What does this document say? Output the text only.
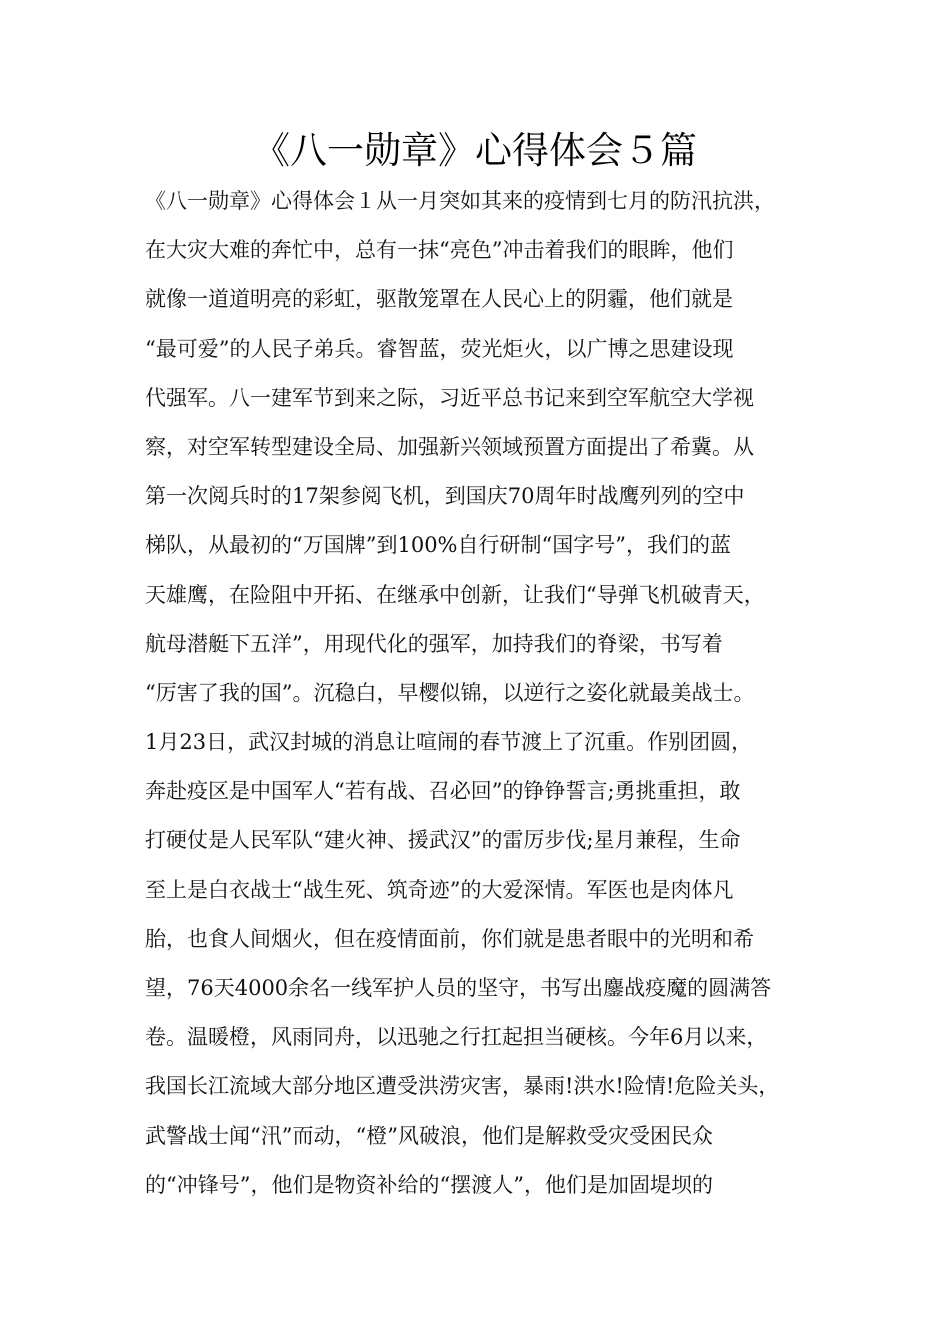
《八一勋章》心得体会５篇
《八一勋章》心得体会１从一月突如其来的疫情到七月的防汛抗洪，
在大灾大难的奔忙中，总有一抹“亮色”冲击着我们的眼眸，他们
就像一道道明亮的彩虹，驱散笼罩在人民心上的阴霾，他们就是
“最可爱”的人民子弟兵。睿智蓝，荧光炬火，以广博之思建设现
代强军。八一建军节到来之际，习近平总书记来到空军航空大学视
察，对空军转型建设全局、加强新兴领域预置方面提出了希冀。从
第一次阅兵时的17架参阅飞机，到国庆70周年时战鹰列列的空中
梯队，从最初的“万国牌”到100%自行研制“国字号”，我们的蓝
天雄鹰，在险阻中开拓、在继承中创新，让我们“导弹飞机破青天，
航母潜艇下五洋”，用现代化的强军，加持我们的脊梁，书写着
“厉害了我的国”。沉稳白，早樱似锦，以逆行之姿化就最美战士。
1月23日，武汉封城的消息让喧闹的春节渡上了沉重。作别团圆，
奔赴疫区是中国军人“若有战、召必回”的铮铮誓言;勇挑重担，敢
打硬仗是人民军队“建火神、援武汉”的雷厉步伐;星月兼程，生命
至上是白衣战士“战生死、筑奇迹”的大爱深情。军医也是肉体凡
胎，也食人间烟火，但在疫情面前，你们就是患者眼中的光明和希
望，76天4000余名一线军护人员的坚守，书写出鏖战疫魔的圆满答
卷。温暖橙，风雨同舟，以迅驰之行扛起担当硬核。今年6月以来，
我国长江流域大部分地区遭受洪涝灾害，暴雨!洪水!险情!危险关头，
武警战士闻“汛”而动，“橙”风破浪，他们是解救受灾受困民众
的“冲锋号”，他们是物资补给的“摆渡人”，他们是加固堤坝的
